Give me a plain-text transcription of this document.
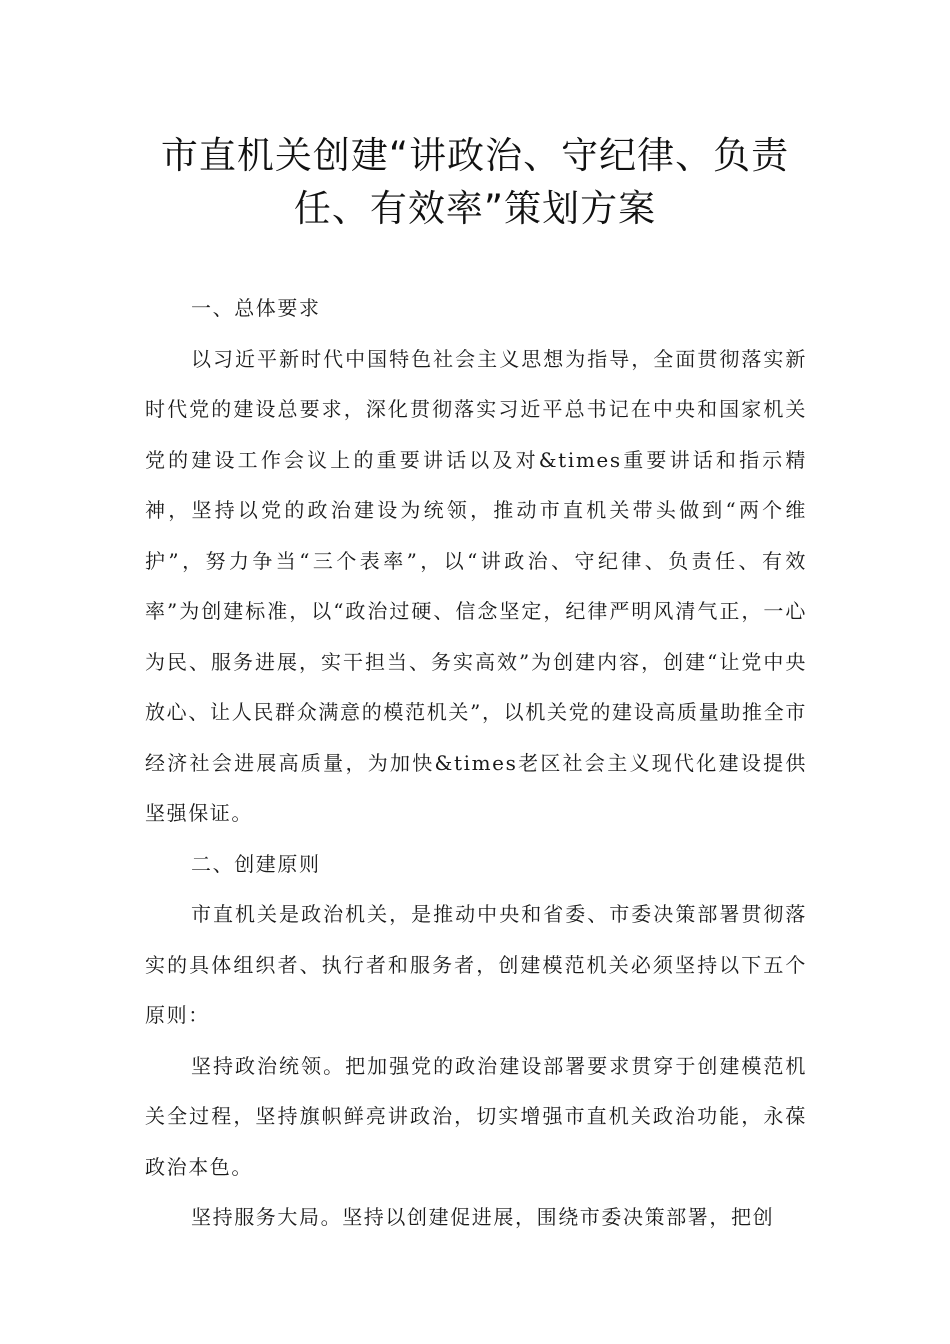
市直机关创建“讲政治、守纪律、负责
任、有效率”策划方案

一、总体要求

以习近平新时代中国特色社会主义思想为指导，全面贯彻落实新时代党的建设总要求，深化贯彻落实习近平总书记在中央和国家机关党的建设工作会议上的重要讲话以及对&times重要讲话和指示精神，坚持以党的政治建设为统领，推动市直机关带头做到“两个维护”，努力争当“三个表率”，以“讲政治、守纪律、负责任、有效率”为创建标准，以“政治过硬、信念坚定，纪律严明风清气正，一心为民、服务进展，实干担当、务实高效”为创建内容，创建“让党中央放心、让人民群众满意的模范机关”，以机关党的建设高质量助推全市经济社会进展高质量，为加快&times老区社会主义现代化建设提供坚强保证。

二、创建原则

市直机关是政治机关，是推动中央和省委、市委决策部署贯彻落实的具体组织者、执行者和服务者，创建模范机关必须坚持以下五个原则：

坚持政治统领。把加强党的政治建设部署要求贯穿于创建模范机关全过程，坚持旗帜鲜亮讲政治，切实增强市直机关政治功能，永葆政治本色。

坚持服务大局。坚持以创建促进展，围绕市委决策部署，把创
